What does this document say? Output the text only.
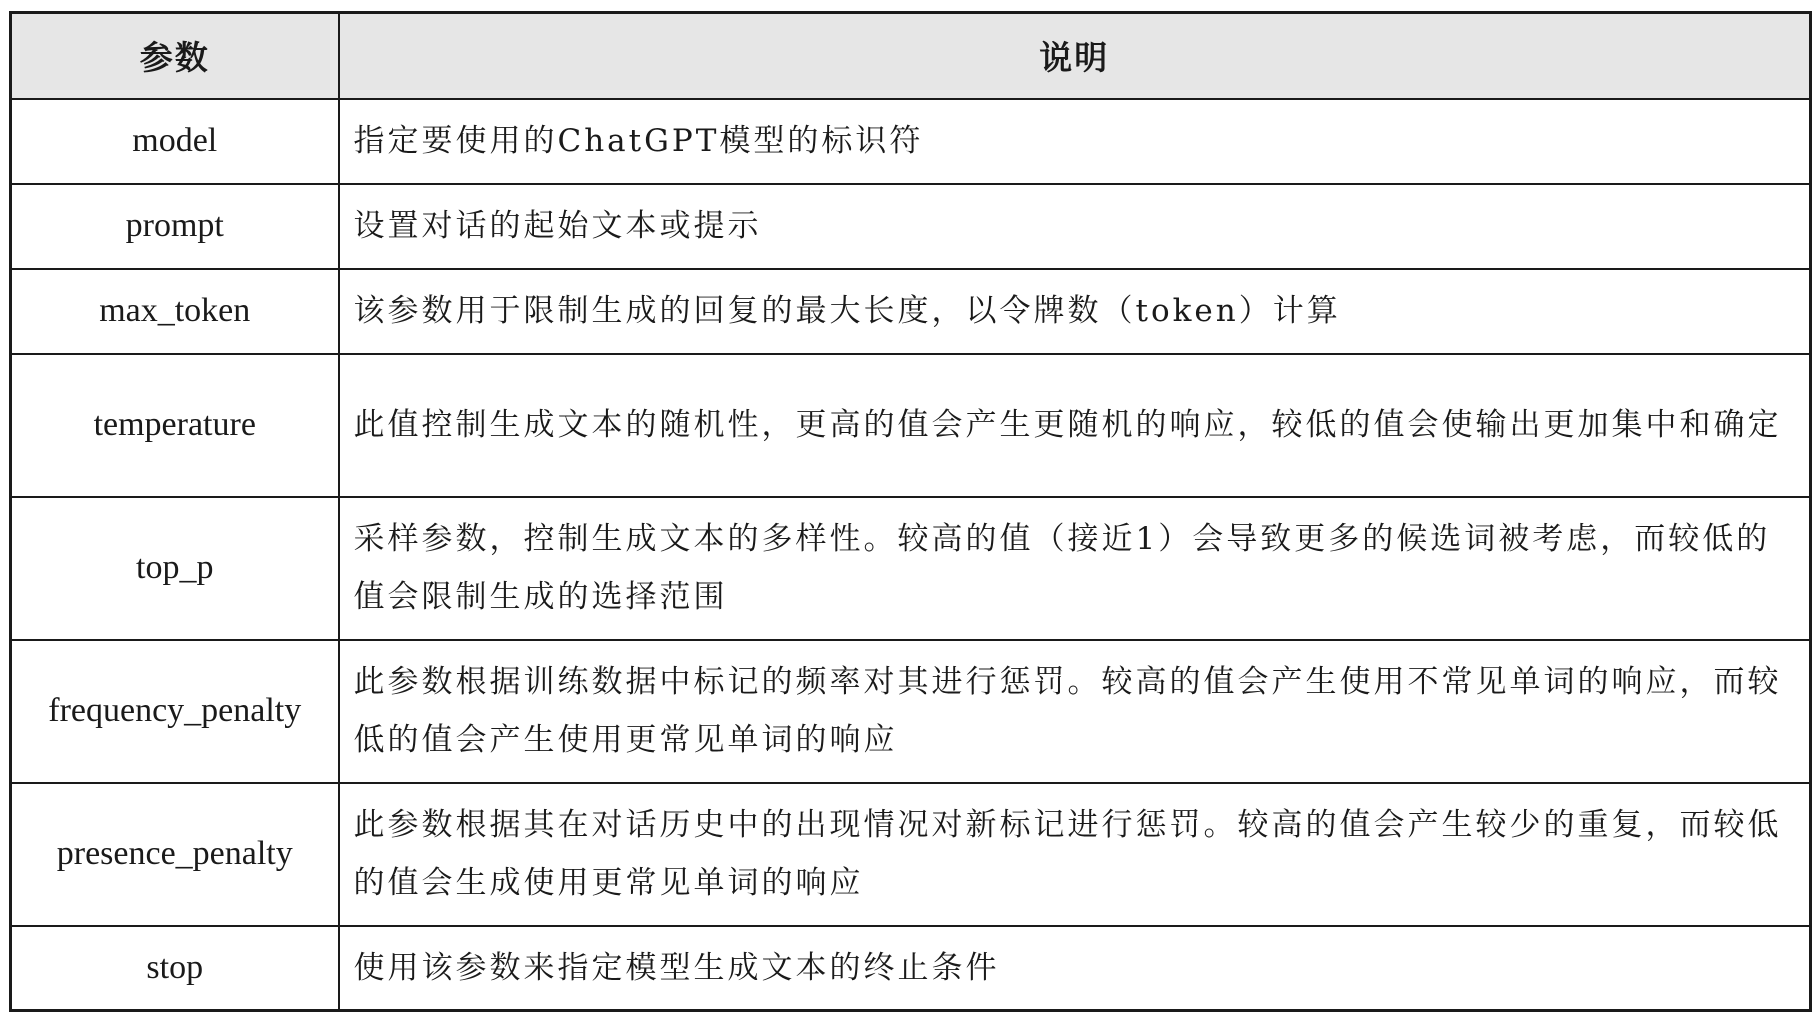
参数	说明
model	指定要使用的ChatGPT模型的标识符
prompt	设置对话的起始文本或提示
max_token	该参数用于限制生成的回复的最大长度，以令牌数（token）计算
temperature	此值控制生成文本的随机性，更高的值会产生更随机的响应，较低的值会使输出更加集中和确定
top_p	采样参数，控制生成文本的多样性。较高的值（接近1）会导致更多的候选词被考虑，而较低的值会限制生成的选择范围
frequency_penalty	此参数根据训练数据中标记的频率对其进行惩罚。较高的值会产生使用不常见单词的响应，而较低的值会产生使用更常见单词的响应
presence_penalty	此参数根据其在对话历史中的出现情况对新标记进行惩罚。较高的值会产生较少的重复，而较低的值会生成使用更常见单词的响应
stop	使用该参数来指定模型生成文本的终止条件
